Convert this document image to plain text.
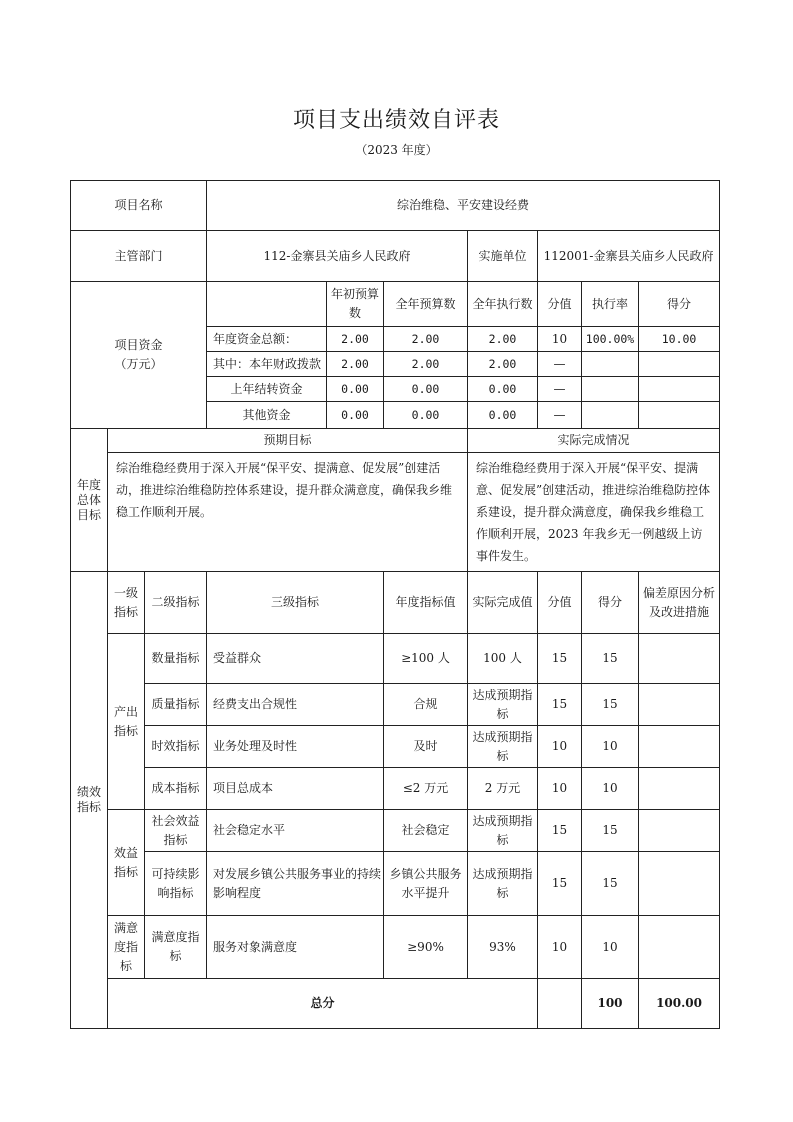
项目支出绩效自评表
（2023 年度）
项目名称			综治维稳、平安建设经费							
主管部门			112-金寨县关庙乡人民政府			实施单位	112001-金寨县关庙乡人民政府			

项目资金
（万元）				年初预算数	全年预算数	全年执行数	分值	执行率	得分	
			年度资金总额：	2.00	2.00	2.00	10	100.00%	10.00	
			其中：本年财政拨款	2.00	2.00	2.00	—			
			上年结转资金	0.00	0.00	0.00	—			
			其他资金	0.00	0.00	0.00	—			
年度总体目标	预期目标					实际完成情况				
	综治维稳经费用于深入开展“保平安、提满意、促发展”创建活动，推进综治维稳防控体系建设，提升群众满意度，确保我乡维稳工作顺利开展。					综治维稳经费用于深入开展“保平安、提满意、促发展”创建活动，推进综治维稳防控体系建设，提升群众满意度，确保我乡维稳工作顺利开展，2023 年我乡无一例越级上访事件发生。				
绩效指标	一级指标	二级指标	三级指标		年度指标值	实际完成值	分值	得分	偏差原因分析及改进措施	
	产出指标	数量指标	受益群众		≥100 人	100 人	15	15		
		质量指标	经费支出合规性		合规	达成预期指标	15	15		
		时效指标	业务处理及时性		及时	达成预期指标	10	10		
		成本指标	项目总成本		≤2 万元	2 万元	10	10		
	效益指标	社会效益指标	社会稳定水平		社会稳定	达成预期指标	15	15		
		可持续影响指标	对发展乡镇公共服务事业的持续影响程度		乡镇公共服务水平提升	达成预期指标	15	15		
	满意度指标	满意度指标	服务对象满意度		≥90%	93%	10	10		
	总分							100	100.00	
